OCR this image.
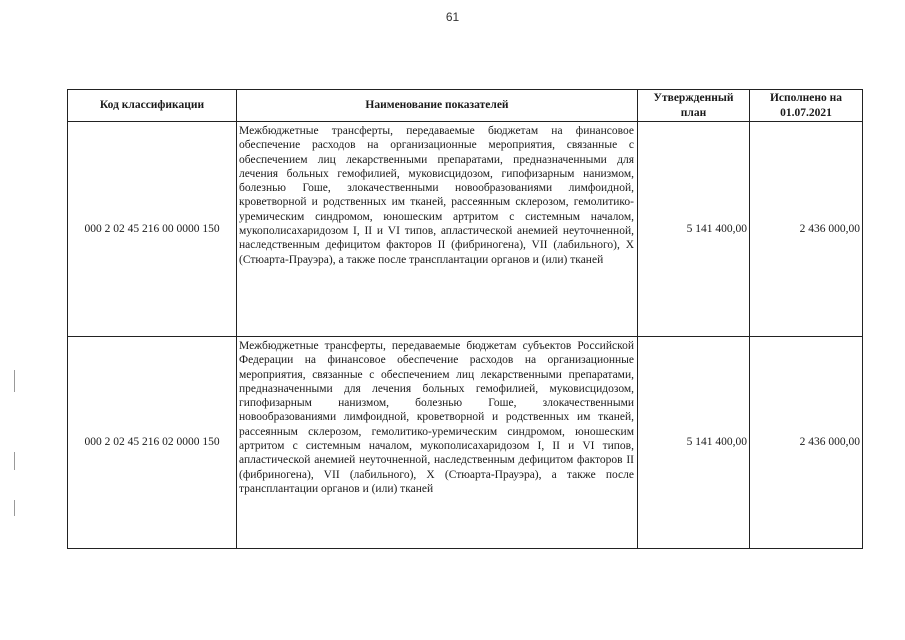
61
Код классификации	Наименование показателей	Утвержденный план	Исполнено на 01.07.2021
000 2 02 45 216 00 0000 150	Межбюджетные трансферты, передаваемые бюджетам на финансовое обеспечение расходов на организационные мероприятия, связанные с обеспечением лиц лекарственными препаратами, предназначенными для лечения больных гемофилией, муковисцидозом, гипофизарным нанизмом, болезнью Гоше, злокачественными новообразованиями лимфоидной, кроветворной и родственных им тканей, рассеянным склерозом, гемолитико-уремическим синдромом, юношеским артритом с системным началом, мукополисахаридозом I, II и VI типов, апластической анемией неуточненной, наследственным дефицитом факторов II (фибриногена), VII (лабильного), X (Стюарта-Прауэра), а также после трансплантации органов и (или) тканей	5 141 400,00	2 436 000,00
000 2 02 45 216 02 0000 150	Межбюджетные трансферты, передаваемые бюджетам субъектов Российской Федерации на финансовое обеспечение расходов на организационные мероприятия, связанные с обеспечением лиц лекарственными препаратами, предназначенными для лечения больных гемофилией, муковисцидозом, гипофизарным нанизмом, болезнью Гоше, злокачественными новообразованиями лимфоидной, кроветворной и родственных им тканей, рассеянным склерозом, гемолитико-уремическим синдромом, юношеским артритом с системным началом, мукополисахаридозом I, II и VI типов, апластической анемией неуточненной, наследственным дефицитом факторов II (фибриногена), VII (лабильного), X (Стюарта-Прауэра), а также после трансплантации органов и (или) тканей	5 141 400,00	2 436 000,00
